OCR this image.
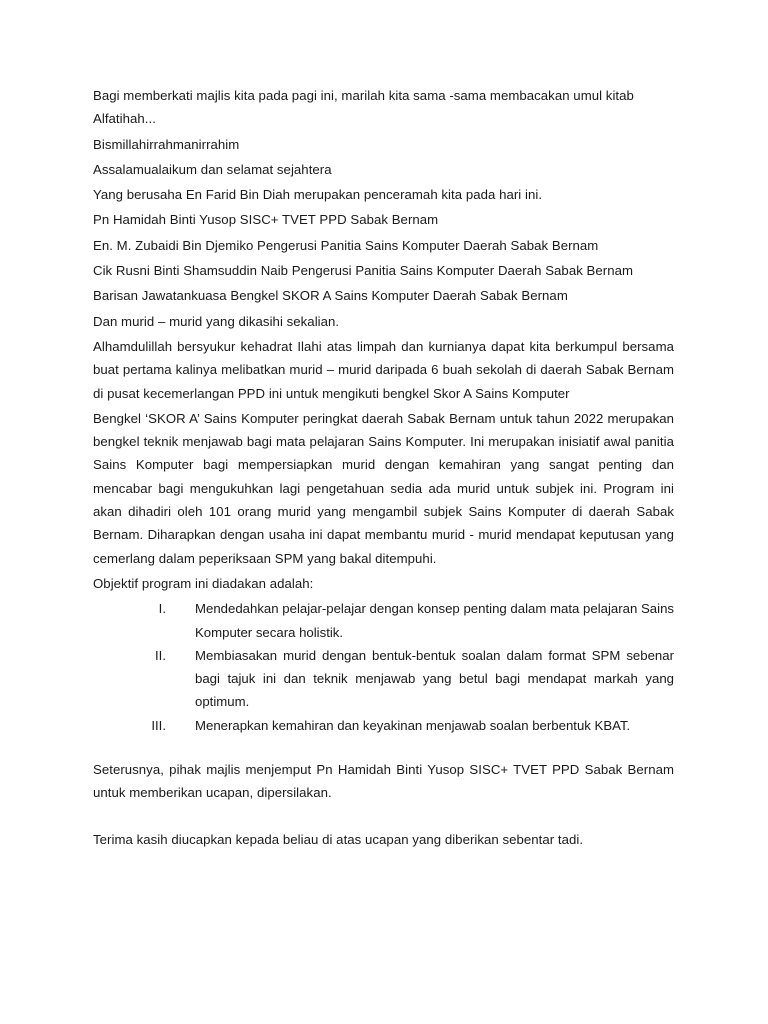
Bagi memberkati majlis kita pada pagi ini, marilah kita sama -sama membacakan umul kitab Alfatihah...

Bismillahirrahmanirrahim

Assalamualaikum dan selamat sejahtera

Yang berusaha En Farid Bin Diah merupakan penceramah kita pada hari ini.

Pn Hamidah Binti Yusop SISC+ TVET PPD Sabak Bernam

En. M. Zubaidi Bin Djemiko Pengerusi Panitia Sains Komputer Daerah Sabak Bernam

Cik Rusni Binti Shamsuddin Naib Pengerusi Panitia Sains Komputer Daerah Sabak Bernam

Barisan Jawatankuasa Bengkel SKOR A Sains Komputer Daerah Sabak Bernam

Dan murid – murid yang dikasihi sekalian.

Alhamdulillah bersyukur kehadrat Ilahi atas limpah dan kurnianya dapat kita berkumpul bersama buat pertama kalinya melibatkan murid – murid daripada 6 buah sekolah di daerah Sabak Bernam di pusat kecemerlangan PPD ini untuk mengikuti bengkel Skor A Sains Komputer

Bengkel ‘SKOR A’ Sains Komputer peringkat daerah Sabak Bernam untuk tahun 2022 merupakan bengkel teknik menjawab bagi mata pelajaran Sains Komputer. Ini merupakan inisiatif awal panitia Sains Komputer bagi mempersiapkan murid dengan kemahiran yang sangat penting dan mencabar bagi mengukuhkan lagi pengetahuan sedia ada murid untuk subjek ini. Program ini akan dihadiri oleh 101 orang murid yang mengambil subjek Sains Komputer di daerah Sabak Bernam. Diharapkan dengan usaha ini dapat membantu murid - murid mendapat keputusan yang cemerlang dalam peperiksaan SPM yang bakal ditempuhi.

Objektif program ini diadakan adalah:

I.	Mendedahkan pelajar-pelajar dengan konsep penting dalam mata pelajaran Sains Komputer secara holistik.
II.	Membiasakan murid dengan bentuk-bentuk soalan dalam format SPM sebenar bagi tajuk ini dan teknik menjawab yang betul bagi mendapat markah yang optimum.
III.	Menerapkan kemahiran dan keyakinan menjawab soalan berbentuk KBAT.

Seterusnya, pihak majlis menjemput Pn Hamidah Binti Yusop SISC+ TVET PPD Sabak Bernam untuk memberikan ucapan, dipersilakan.

Terima kasih diucapkan kepada beliau di atas ucapan yang diberikan sebentar tadi.
